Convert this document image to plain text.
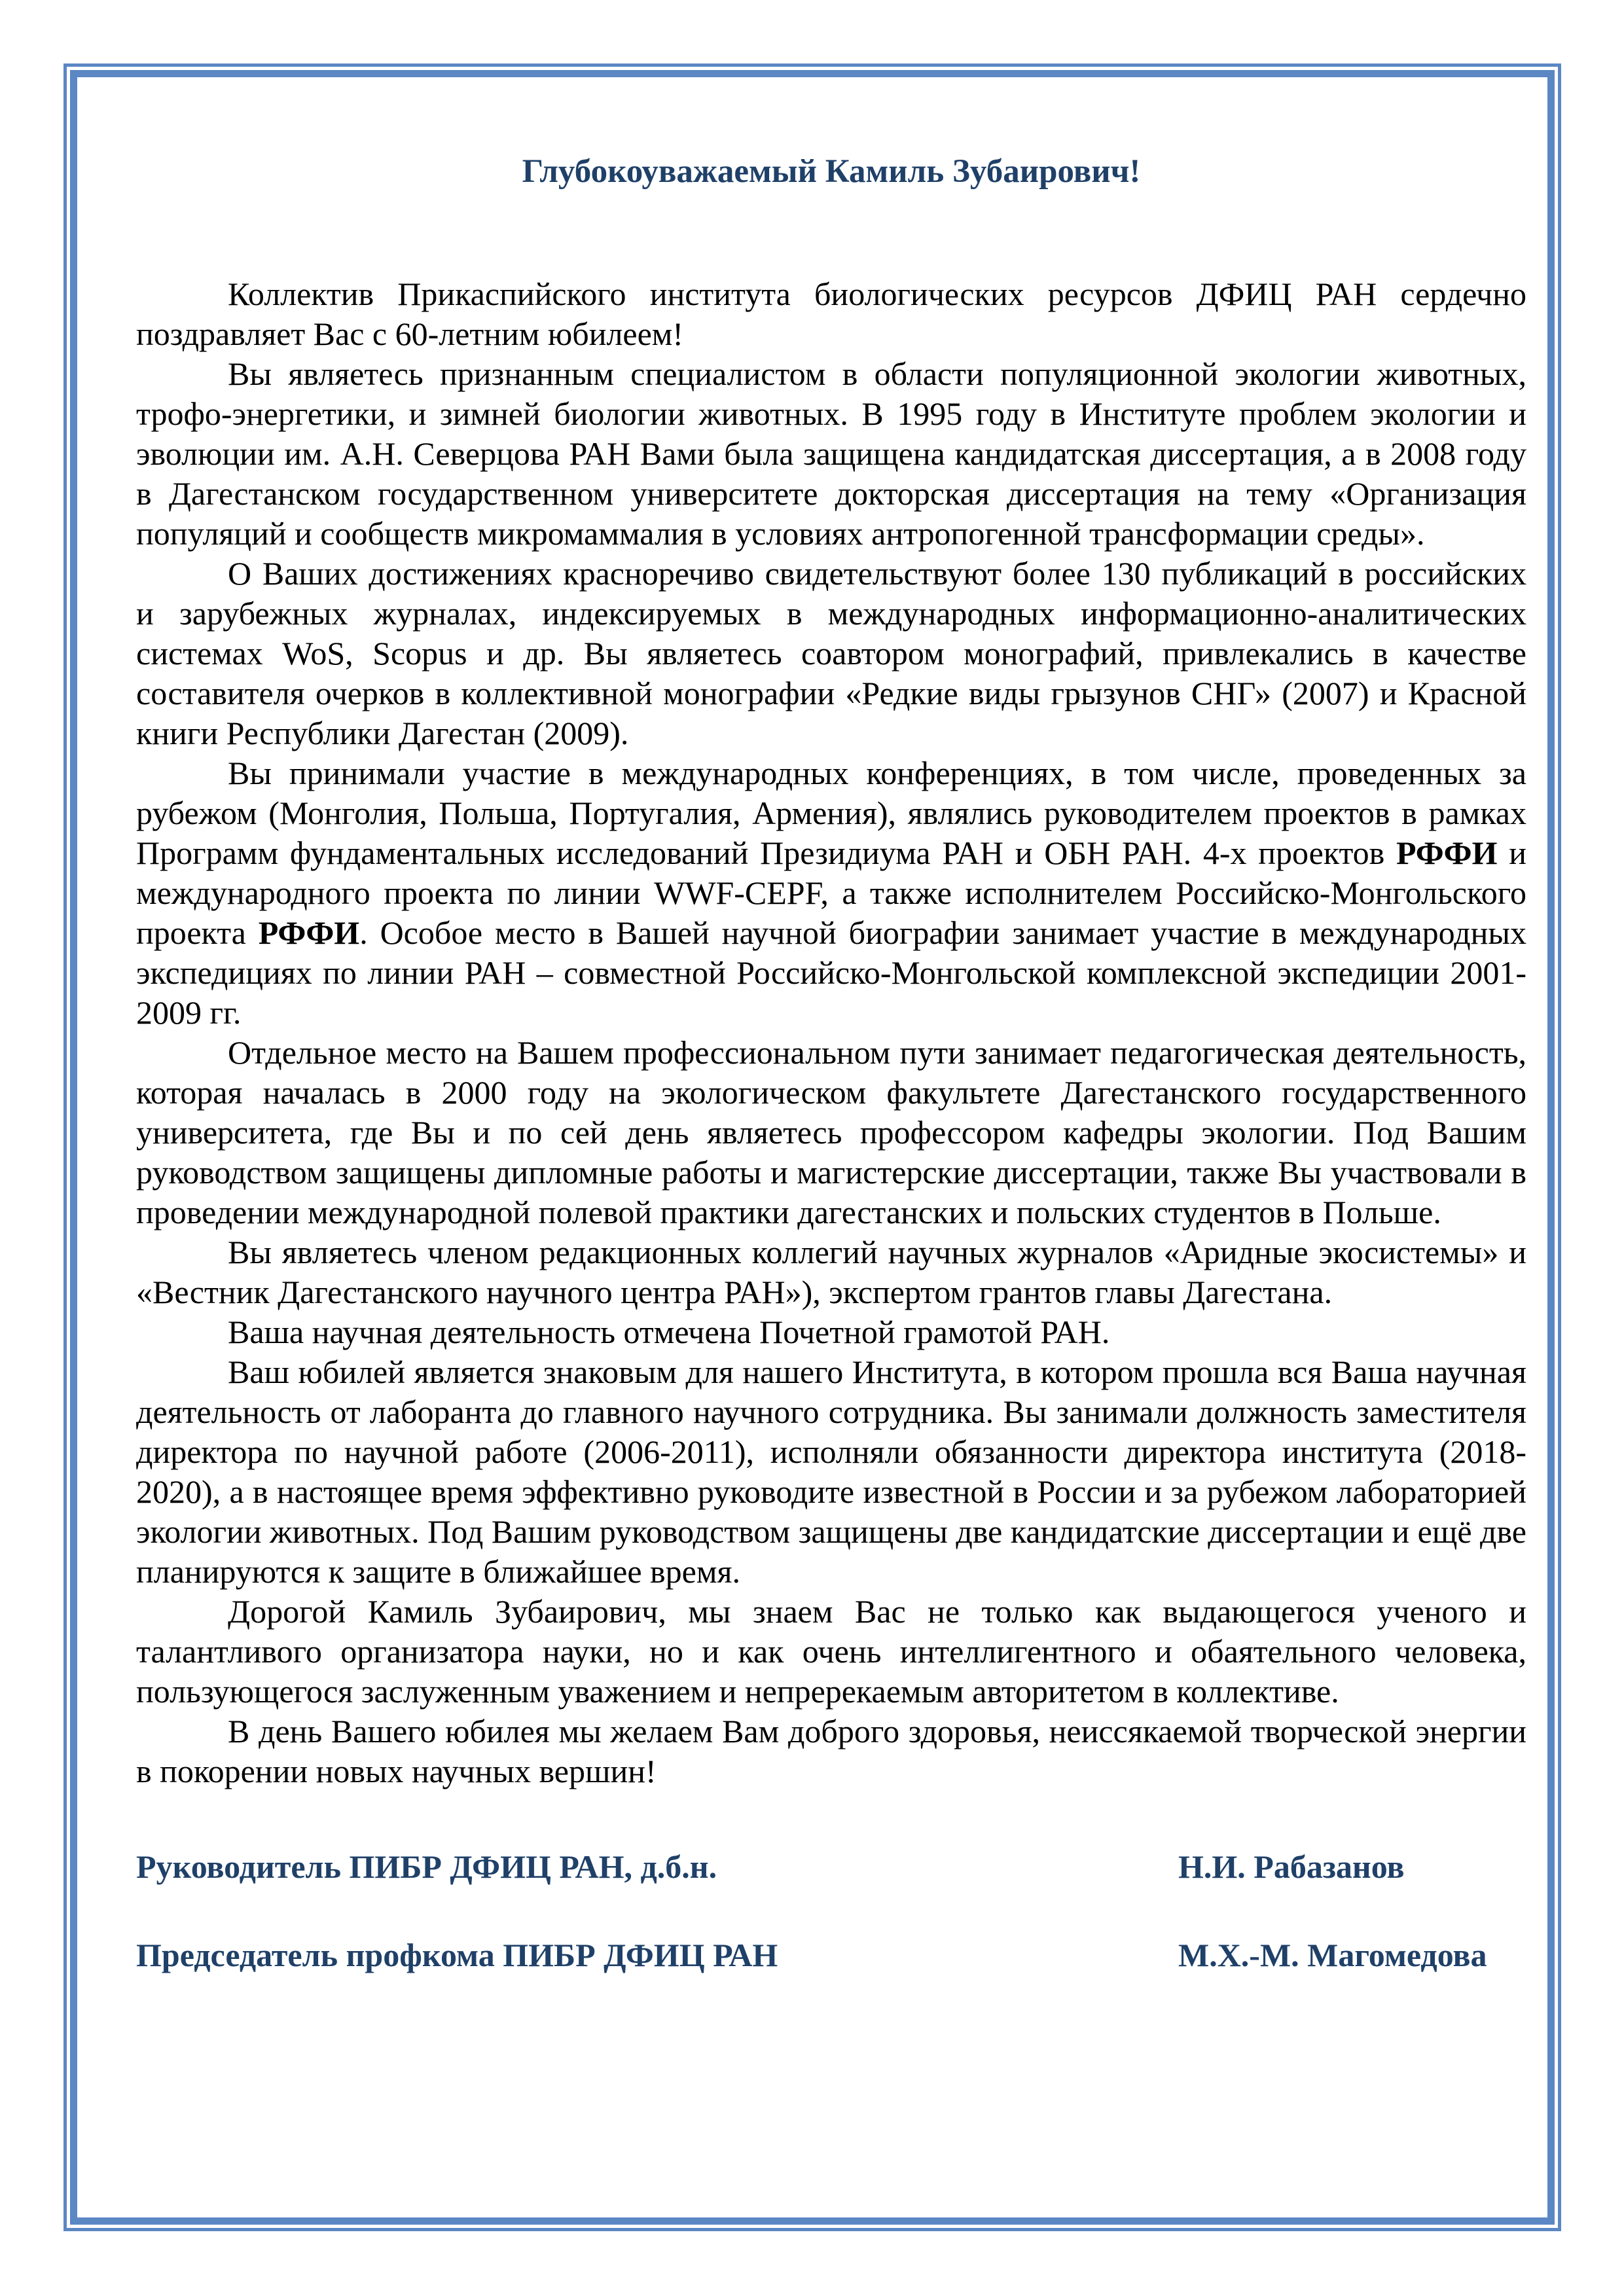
Глубокоуважаемый Камиль Зубаирович!

Коллектив Прикаспийского института биологических ресурсов ДФИЦ РАН сердечно поздравляет Вас с 60-летним юбилеем!

Вы являетесь признанным специалистом в области популяционной экологии животных, трофо-энергетики, и зимней биологии животных. В 1995 году в Институте проблем экологии и эволюции им. А.Н. Северцова РАН Вами была защищена кандидатская диссертация, а в 2008 году в Дагестанском государственном университете докторская диссертация на тему «Организация популяций и сообществ микромаммалия в условиях антропогенной трансформации среды».

О Ваших достижениях красноречиво свидетельствуют более 130 публикаций в российских и зарубежных журналах, индексируемых в международных информационно-аналитических системах WoS, Scopus и др. Вы являетесь соавтором монографий, привлекались в качестве составителя очерков в коллективной монографии «Редкие виды грызунов СНГ» (2007) и Красной книги Республики Дагестан (2009).

Вы принимали участие в международных конференциях, в том числе, проведенных за рубежом (Монголия, Польша, Португалия, Армения), являлись руководителем проектов в рамках Программ фундаментальных исследований Президиума РАН и ОБН РАН. 4-х проектов РФФИ и международного проекта по линии WWF-CEPF, а также исполнителем Российско-Монгольского проекта РФФИ. Особое место в Вашей научной биографии занимает участие в международных экспедициях по линии РАН – совместной Российско-Монгольской комплексной экспедиции 2001-2009 гг.

Отдельное место на Вашем профессиональном пути занимает педагогическая деятельность, которая началась в 2000 году на экологическом факультете Дагестанского государственного университета, где Вы и по сей день являетесь профессором кафедры экологии. Под Вашим руководством защищены дипломные работы и магистерские диссертации, также Вы участвовали в проведении международной полевой практики дагестанских и польских студентов в Польше.

Вы являетесь членом редакционных коллегий научных журналов «Аридные экосистемы» и «Вестник Дагестанского научного центра РАН»), экспертом грантов главы Дагестана.

Ваша научная деятельность отмечена Почетной грамотой РАН.

Ваш юбилей является знаковым для нашего Института, в котором прошла вся Ваша научная деятельность от лаборанта до главного научного сотрудника. Вы занимали должность заместителя директора по научной работе (2006-2011), исполняли обязанности директора института (2018-2020), а в настоящее время эффективно руководите известной в России и за рубежом лабораторией экологии животных. Под Вашим руководством защищены две кандидатские диссертации и ещё две планируются к защите в ближайшее время.

Дорогой Камиль Зубаирович, мы знаем Вас не только как выдающегося ученого и талантливого организатора науки, но и как очень интеллигентного и обаятельного человека, пользующегося заслуженным уважением и непререкаемым авторитетом в коллективе.

В день Вашего юбилея мы желаем Вам доброго здоровья, неиссякаемой творческой энергии в покорении новых научных вершин!

Руководитель ПИБР ДФИЦ РАН, д.б.н.	Н.И. Рабазанов
Председатель профкома ПИБР ДФИЦ РАН	М.Х.-М. Магомедова
